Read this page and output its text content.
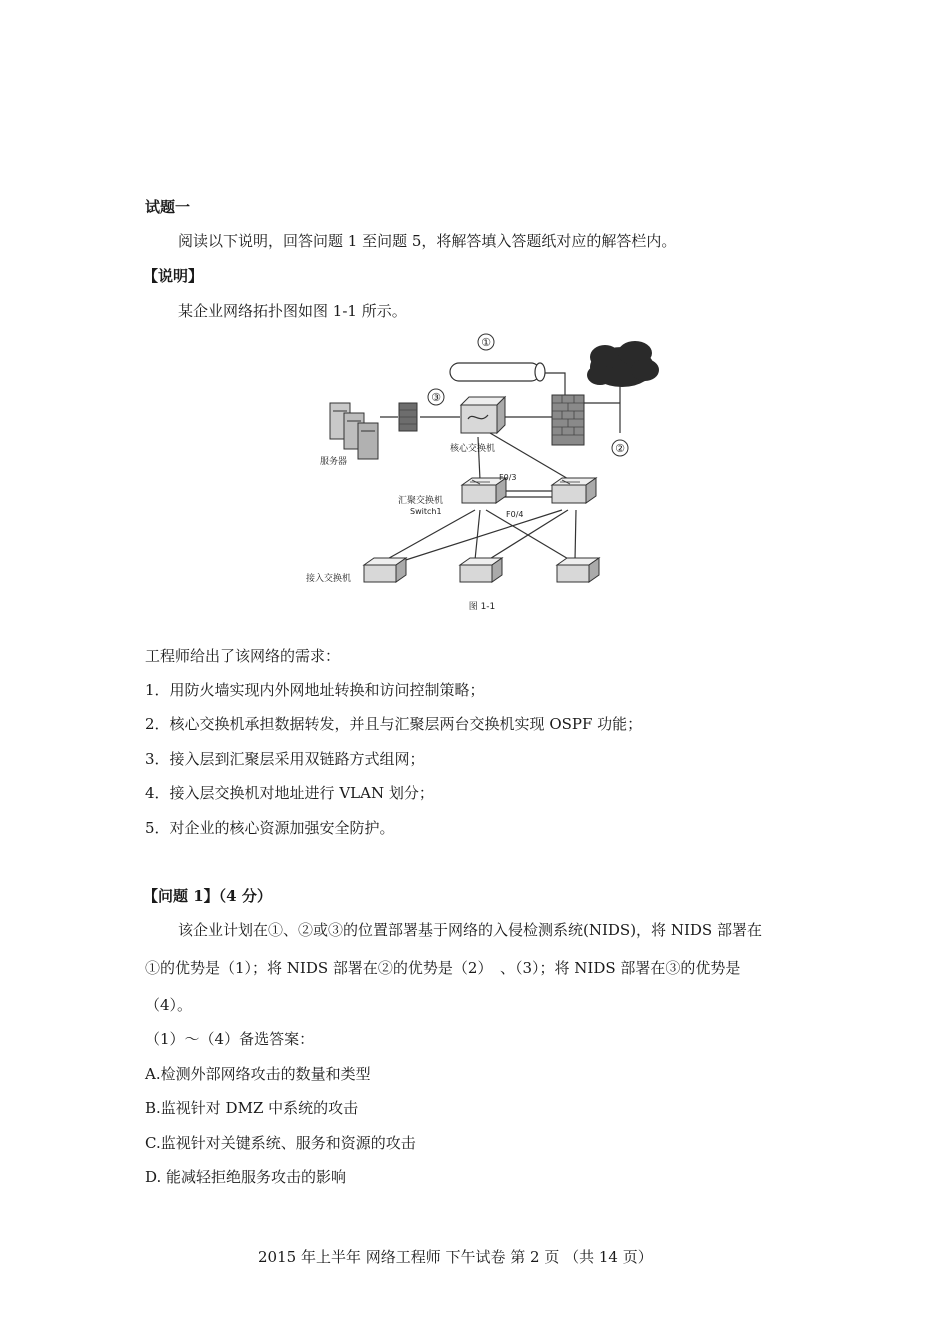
试题一
阅读以下说明，回答问题 1 至问题 5，将解答填入答题纸对应的解答栏内。
【说明】
某企业网络拓扑图如图 1-1 所示。
①
②
③
服务器
核心交换机
汇聚交换机
Switch1
F0/3
F0/4
接入交换机
图 1-1
工程师给出了该网络的需求：
1．用防火墙实现内外网地址转换和访问控制策略；
2．核心交换机承担数据转发，并且与汇聚层两台交换机实现 OSPF 功能；
3．接入层到汇聚层采用双链路方式组网；
4．接入层交换机对地址进行 VLAN 划分；
5．对企业的核心资源加强安全防护。
【问题 1】（4 分）
该企业计划在①、②或③的位置部署基于网络的入侵检测系统(NIDS)，将 NIDS 部署在
①的优势是（1）；将 NIDS 部署在②的优势是（2）　、（3）；将 NIDS 部署在③的优势是
（4）。
（1）～（4）备选答案：
A.检测外部网络攻击的数量和类型
B.监视针对 DMZ 中系统的攻击
C.监视针对关键系统、服务和资源的攻击
D. 能减轻拒绝服务攻击的影响
2015 年上半年 网络工程师 下午试卷 第 2 页 （共 14 页）
